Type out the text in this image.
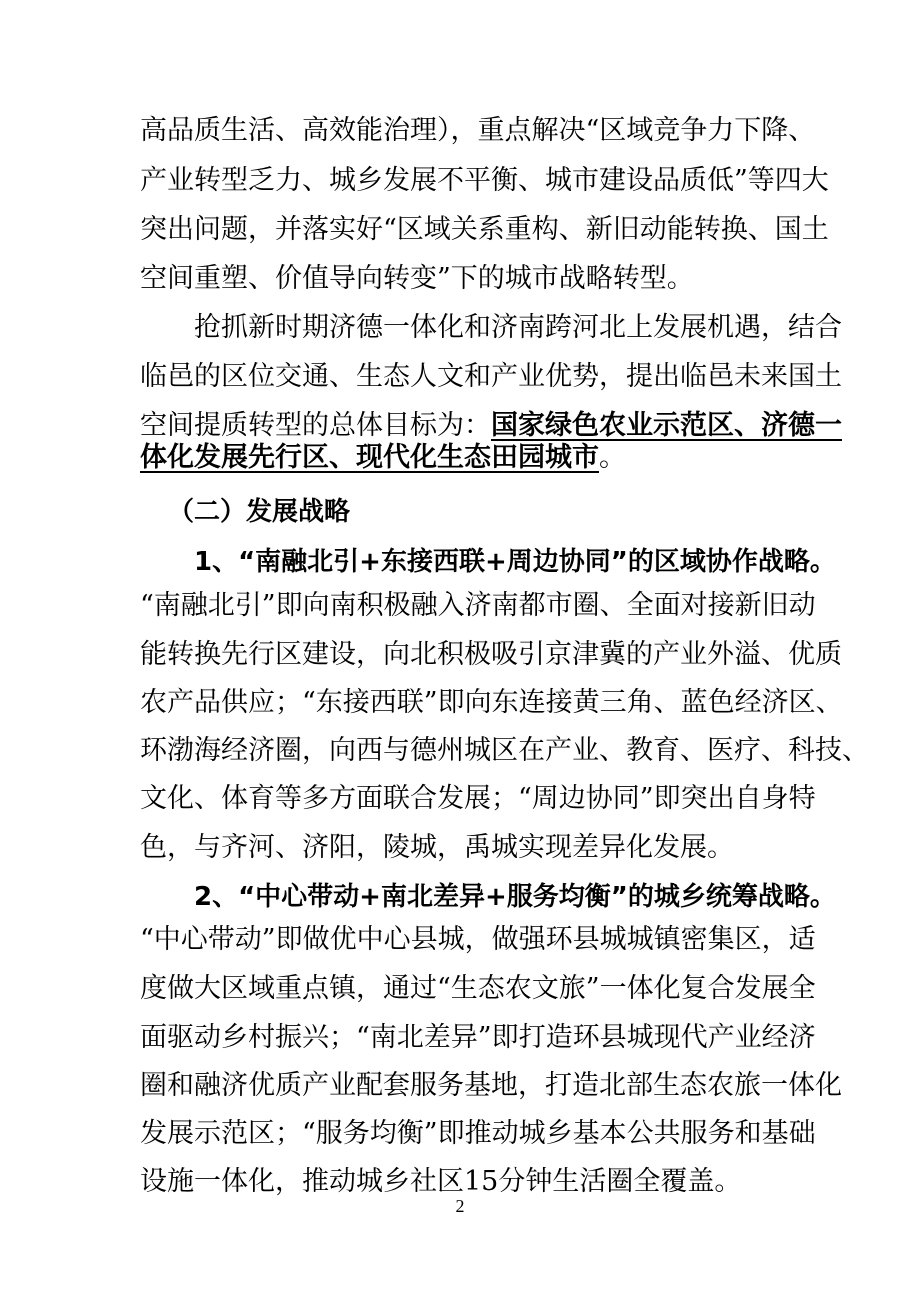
高品质生活、高效能治理），重点解决“区域竞争力下降、
产业转型乏力、城乡发展不平衡、城市建设品质低”等四大
突出问题，并落实好“区域关系重构、新旧动能转换、国土
空间重塑、价值导向转变”下的城市战略转型。
抢抓新时期济德一体化和济南跨河北上发展机遇，结合
临邑的区位交通、生态人文和产业优势，提出临邑未来国土
空间提质转型的总体目标为：国家绿色农业示范区、济德一
体化发展先行区、现代化生态田园城市。
（二）发展战略
1、“南融北引+东接西联+周边协同”的区域协作战略。
“南融北引”即向南积极融入济南都市圈、全面对接新旧动
能转换先行区建设，向北积极吸引京津冀的产业外溢、优质
农产品供应；“东接西联”即向东连接黄三角、蓝色经济区、
环渤海经济圈，向西与德州城区在产业、教育、医疗、科技、
文化、体育等多方面联合发展；“周边协同”即突出自身特
色，与齐河、济阳，陵城，禹城实现差异化发展。
2、“中心带动+南北差异+服务均衡”的城乡统筹战略。
“中心带动”即做优中心县城，做强环县城城镇密集区，适
度做大区域重点镇，通过“生态农文旅”一体化复合发展全
面驱动乡村振兴；“南北差异”即打造环县城现代产业经济
圈和融济优质产业配套服务基地，打造北部生态农旅一体化
发展示范区；“服务均衡”即推动城乡基本公共服务和基础
设施一体化，推动城乡社区15分钟生活圈全覆盖。
2
